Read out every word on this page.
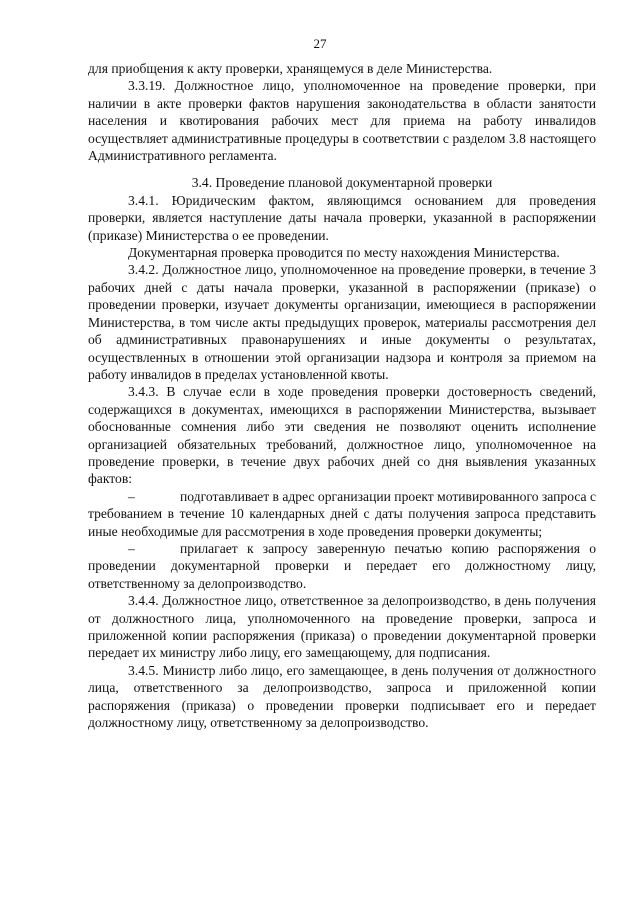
27

для приобщения к акту проверки, хранящемуся в деле Министерства.

3.3.19. Должностное лицо, уполномоченное на проведение проверки, при наличии в акте проверки фактов нарушения законодательства в области занятости населения и квотирования рабочих мест для приема на работу инвалидов осуществляет административные процедуры в соответствии с разделом 3.8 настоящего Административного регламента.

3.4. Проведение плановой документарной проверки

3.4.1. Юридическим фактом, являющимся основанием для проведения проверки, является наступление даты начала проверки, указанной в распоряжении (приказе) Министерства о ее проведении.

Документарная проверка проводится по месту нахождения Министерства.

3.4.2. Должностное лицо, уполномоченное на проведение проверки, в течение 3 рабочих дней с даты начала проверки, указанной в распоряжении (приказе) о проведении проверки, изучает документы организации, имеющиеся в распоряжении Министерства, в том числе акты предыдущих проверок, материалы рассмотрения дел об административных правонарушениях и иные документы о результатах, осуществленных в отношении этой организации надзора и контроля за приемом на работу инвалидов в пределах установленной квоты.

3.4.3. В случае если в ходе проведения проверки достоверность сведений, содержащихся в документах, имеющихся в распоряжении Министерства, вызывает обоснованные сомнения либо эти сведения не позволяют оценить исполнение организацией обязательных требований, должностное лицо, уполномоченное на проведение проверки, в течение двух рабочих дней со дня выявления указанных фактов:

–	подготавливает в адрес организации проект мотивированного запроса с требованием в течение 10 календарных дней с даты получения запроса представить иные необходимые для рассмотрения в ходе проведения проверки документы;

–	прилагает к запросу заверенную печатью копию распоряжения о проведении документарной проверки и передает его должностному лицу, ответственному за делопроизводство.

3.4.4. Должностное лицо, ответственное за делопроизводство, в день получения от должностного лица, уполномоченного на проведение проверки, запроса и приложенной копии распоряжения (приказа) о проведении документарной проверки передает их министру либо лицу, его замещающему, для подписания.

3.4.5. Министр либо лицо, его замещающее, в день получения от должностного лица, ответственного за делопроизводство, запроса и приложенной копии распоряжения (приказа) о проведении проверки подписывает его и передает должностному лицу, ответственному за делопроизводство.
